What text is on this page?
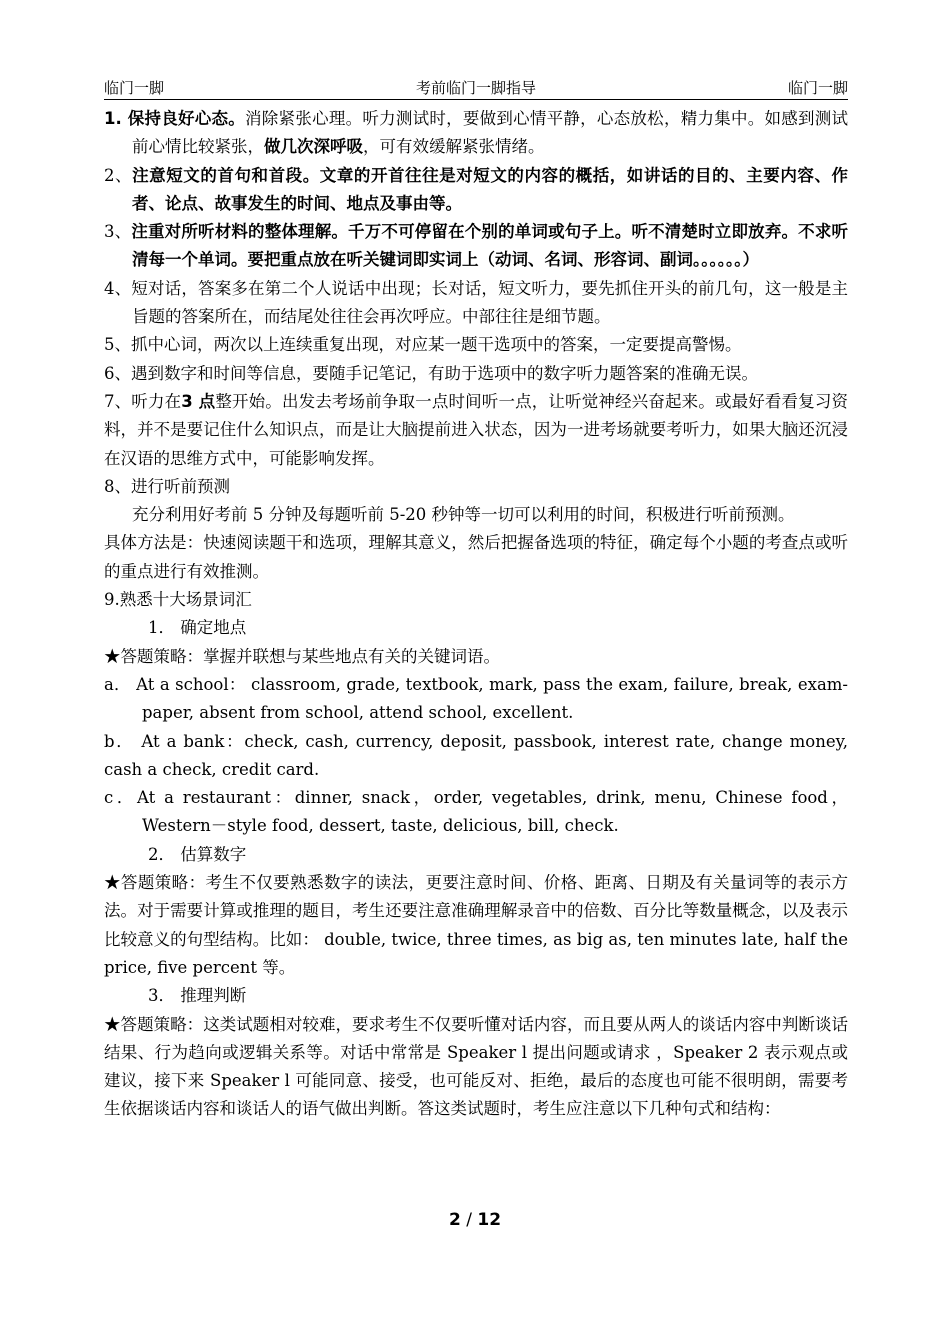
临门一脚	考前临门一脚指导	临门一脚

1. 保持良好心态。消除紧张心理。听力测试时，要做到心情平静，心态放松，精力集中。如感到测试前心情比较紧张，做几次深呼吸，可有效缓解紧张情绪。

2、注意短文的首句和首段。文章的开首往往是对短文的内容的概括，如讲话的目的、主要内容、作者、论点、故事发生的时间、地点及事由等。

3、注重对所听材料的整体理解。千万不可停留在个别的单词或句子上。听不清楚时立即放弃。不求听清每一个单词。要把重点放在听关键词即实词上（动词、名词、形容词、副词。。。。。。）

4、短对话，答案多在第二个人说话中出现；长对话，短文听力，要先抓住开头的前几句，这一般是主旨题的答案所在，而结尾处往往会再次呼应。中部往往是细节题。

5、抓中心词，两次以上连续重复出现，对应某一题干选项中的答案，一定要提高警惕。

6、遇到数字和时间等信息，要随手记笔记，有助于选项中的数字听力题答案的准确无误。

7、听力在3 点整开始。出发去考场前争取一点时间听一点，让听觉神经兴奋起来。或最好看看复习资料，并不是要记住什么知识点，而是让大脑提前进入状态，因为一进考场就要考听力，如果大脑还沉浸在汉语的思维方式中，可能影响发挥。

8、进行听前预测

充分利用好考前 5 分钟及每题听前 5-20 秒钟等一切可以利用的时间，积极进行听前预测。

具体方法是：快速阅读题干和选项，理解其意义，然后把握备选项的特征，确定每个小题的考查点或听的重点进行有效推测。

9.熟悉十大场景词汇

1． 确定地点

★答题策略：掌握并联想与某些地点有关的关键词语。

a． At a school： classroom, grade, textbook, mark, pass the exam, failure, break, exam-paper, absent from school, attend school, excellent.

b． At a bank：check, cash, currency, deposit, passbook, interest rate, change money, cash a check, credit card.

c．At a restaurant：dinner, snack，order, vegetables, drink, menu, Chinese food，Western－style food, dessert, taste, delicious, bill, check.

2． 估算数字

★答题策略：考生不仅要熟悉数字的读法，更要注意时间、价格、距离、日期及有关量词等的表示方法。对于需要计算或推理的题目，考生还要注意准确理解录音中的倍数、百分比等数量概念，以及表示比较意义的句型结构。比如： double, twice, three times, as big as, ten minutes late, half the price, five percent 等。

3． 推理判断

★答题策略：这类试题相对较难，要求考生不仅要听懂对话内容，而且要从两人的谈话内容中判断谈话结果、行为趋向或逻辑关系等。对话中常常是 Speaker l 提出问题或请求 ，Speaker 2 表示观点或建议，接下来 Speaker l 可能同意、接受，也可能反对、拒绝，最后的态度也可能不很明朗，需要考生依据谈话内容和谈话人的语气做出判断。答这类试题时，考生应注意以下几种句式和结构：

2 / 12
